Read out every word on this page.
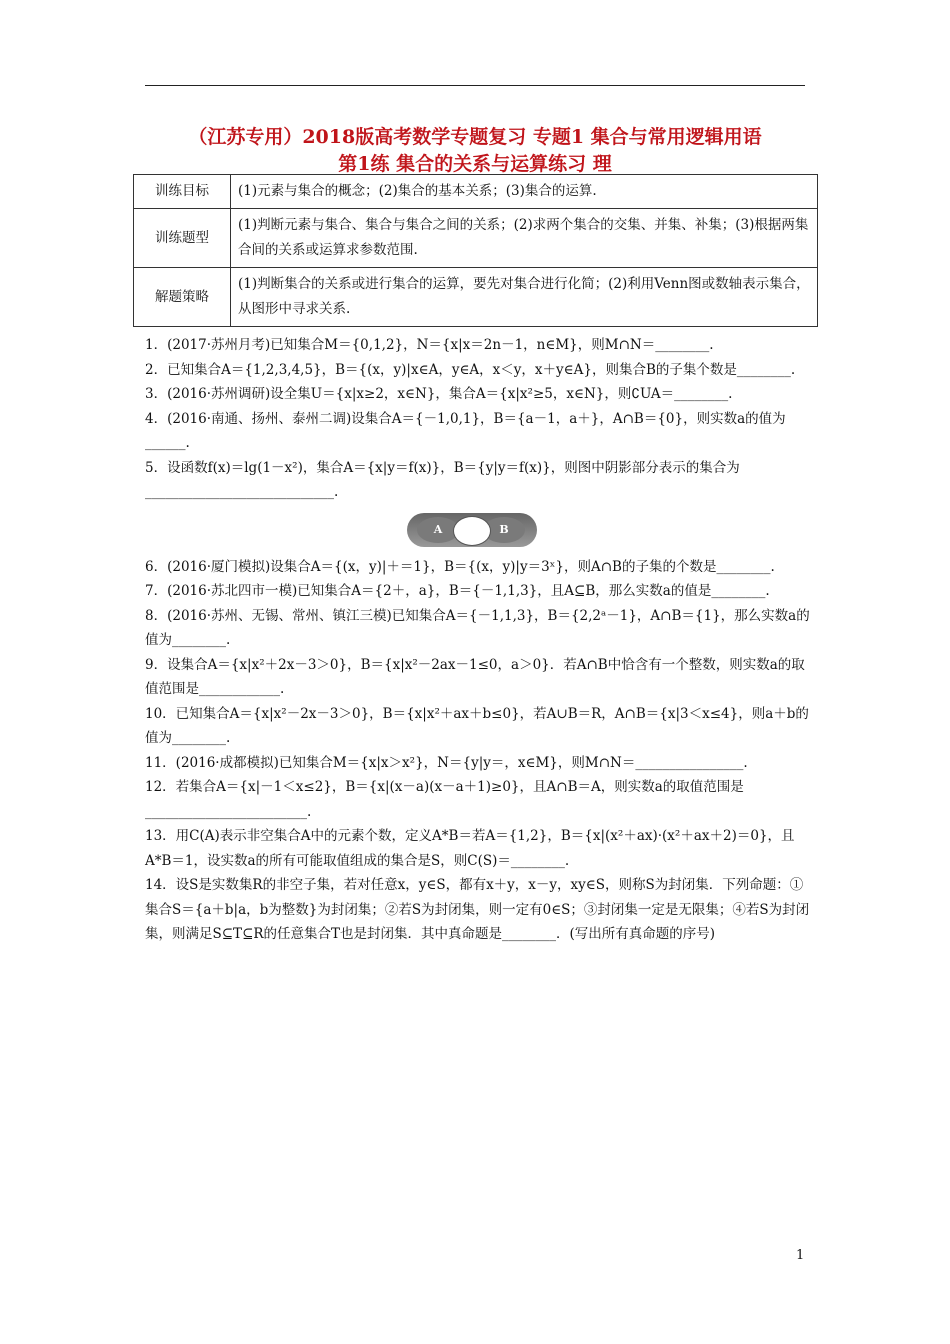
（江苏专用）2018版高考数学专题复习 专题1 集合与常用逻辑用语
第1练 集合的关系与运算练习 理
训练目标	(1)元素与集合的概念；(2)集合的基本关系；(3)集合的运算.
训练题型	(1)判断元素与集合、集合与集合之间的关系；(2)求两个集合的交集、并集、补集；(3)根据两集合间的关系或运算求参数范围.
解题策略	(1)判断集合的关系或进行集合的运算，要先对集合进行化简；(2)利用Venn图或数轴表示集合，从图形中寻求关系.

1．(2017·苏州月考)已知集合M＝{0,1,2}，N＝{x|x＝2n－1，n∈M}，则M∩N＝________.

2．已知集合A＝{1,2,3,4,5}，B＝{(x，y)|x∈A，y∈A，x＜y，x＋y∈A}，则集合B的子集个数是________.

3．(2016·苏州调研)设全集U＝{x|x≥2，x∈N}，集合A＝{x|x²≥5，x∈N}，则∁UA＝________.

4．(2016·南通、扬州、泰州二调)设集合A＝{－1,0,1}，B＝{a－1，a＋}，A∩B＝{0}，则实数a的值为______.

5．设函数f(x)＝lg(1－x²)，集合A＝{x|y＝f(x)}，B＝{y|y＝f(x)}，则图中阴影部分表示的集合为____________________________.

A	B

6．(2016·厦门模拟)设集合A＝{(x，y)|＋＝1}，B＝{(x，y)|y＝3ˣ}，则A∩B的子集的个数是________.

7．(2016·苏北四市一模)已知集合A＝{2＋，a}，B＝{－1,1,3}，且A⊆B，那么实数a的值是________.

8．(2016·苏州、无锡、常州、镇江三模)已知集合A＝{－1,1,3}，B＝{2,2ᵃ－1}，A∩B＝{1}，那么实数a的值为________.

9．设集合A＝{x|x²＋2x－3＞0}，B＝{x|x²－2ax－1≤0，a＞0}．若A∩B中恰含有一个整数，则实数a的取值范围是____________.

10．已知集合A＝{x|x²－2x－3＞0}，B＝{x|x²＋ax＋b≤0}，若A∪B＝R，A∩B＝{x|3＜x≤4}，则a＋b的值为________.

11．(2016·成都模拟)已知集合M＝{x|x＞x²}，N＝{y|y＝，x∈M}，则M∩N＝________________.

12．若集合A＝{x|－1＜x≤2}，B＝{x|(x－a)(x－a＋1)≥0}，且A∩B＝A，则实数a的取值范围是________________________.

13．用C(A)表示非空集合A中的元素个数，定义A*B＝若A＝{1,2}，B＝{x|(x²＋ax)·(x²＋ax＋2)＝0}，且A*B＝1，设实数a的所有可能取值组成的集合是S，则C(S)＝________.

14．设S是实数集R的非空子集，若对任意x，y∈S，都有x＋y，x－y，xy∈S，则称S为封闭集．下列命题：①集合S＝{a＋b|a，b为整数}为封闭集；②若S为封闭集，则一定有0∈S；③封闭集一定是无限集；④若S为封闭集，则满足S⊆T⊆R的任意集合T也是封闭集．其中真命题是________．(写出所有真命题的序号)

1
